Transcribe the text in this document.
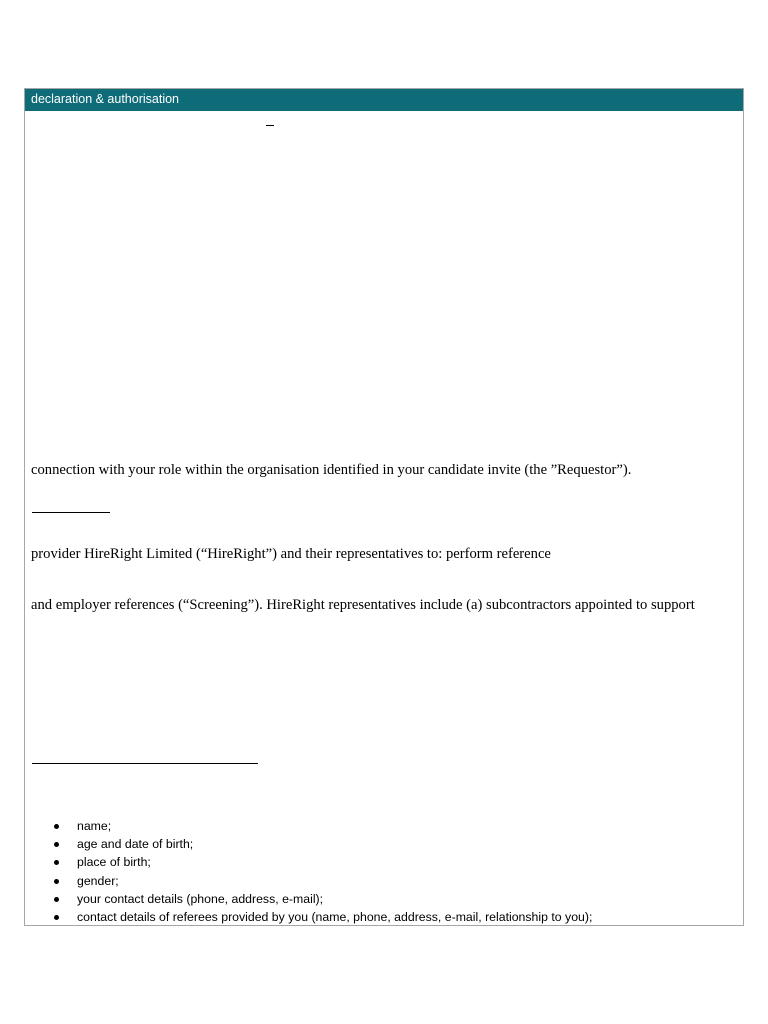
declaration & authorisation

connection with your role within the organisation identified in your candidate invite (the ”Requestor”).

provider HireRight Limited (“HireRight”) and their representatives to: perform reference

and employer references (“Screening”). HireRight representatives include (a) subcontractors appointed to support

name;
age and date of birth;
place of birth;
gender;
your contact details (phone, address, e-mail);
contact details of referees provided by you (name, phone, address, e-mail, relationship to you);
